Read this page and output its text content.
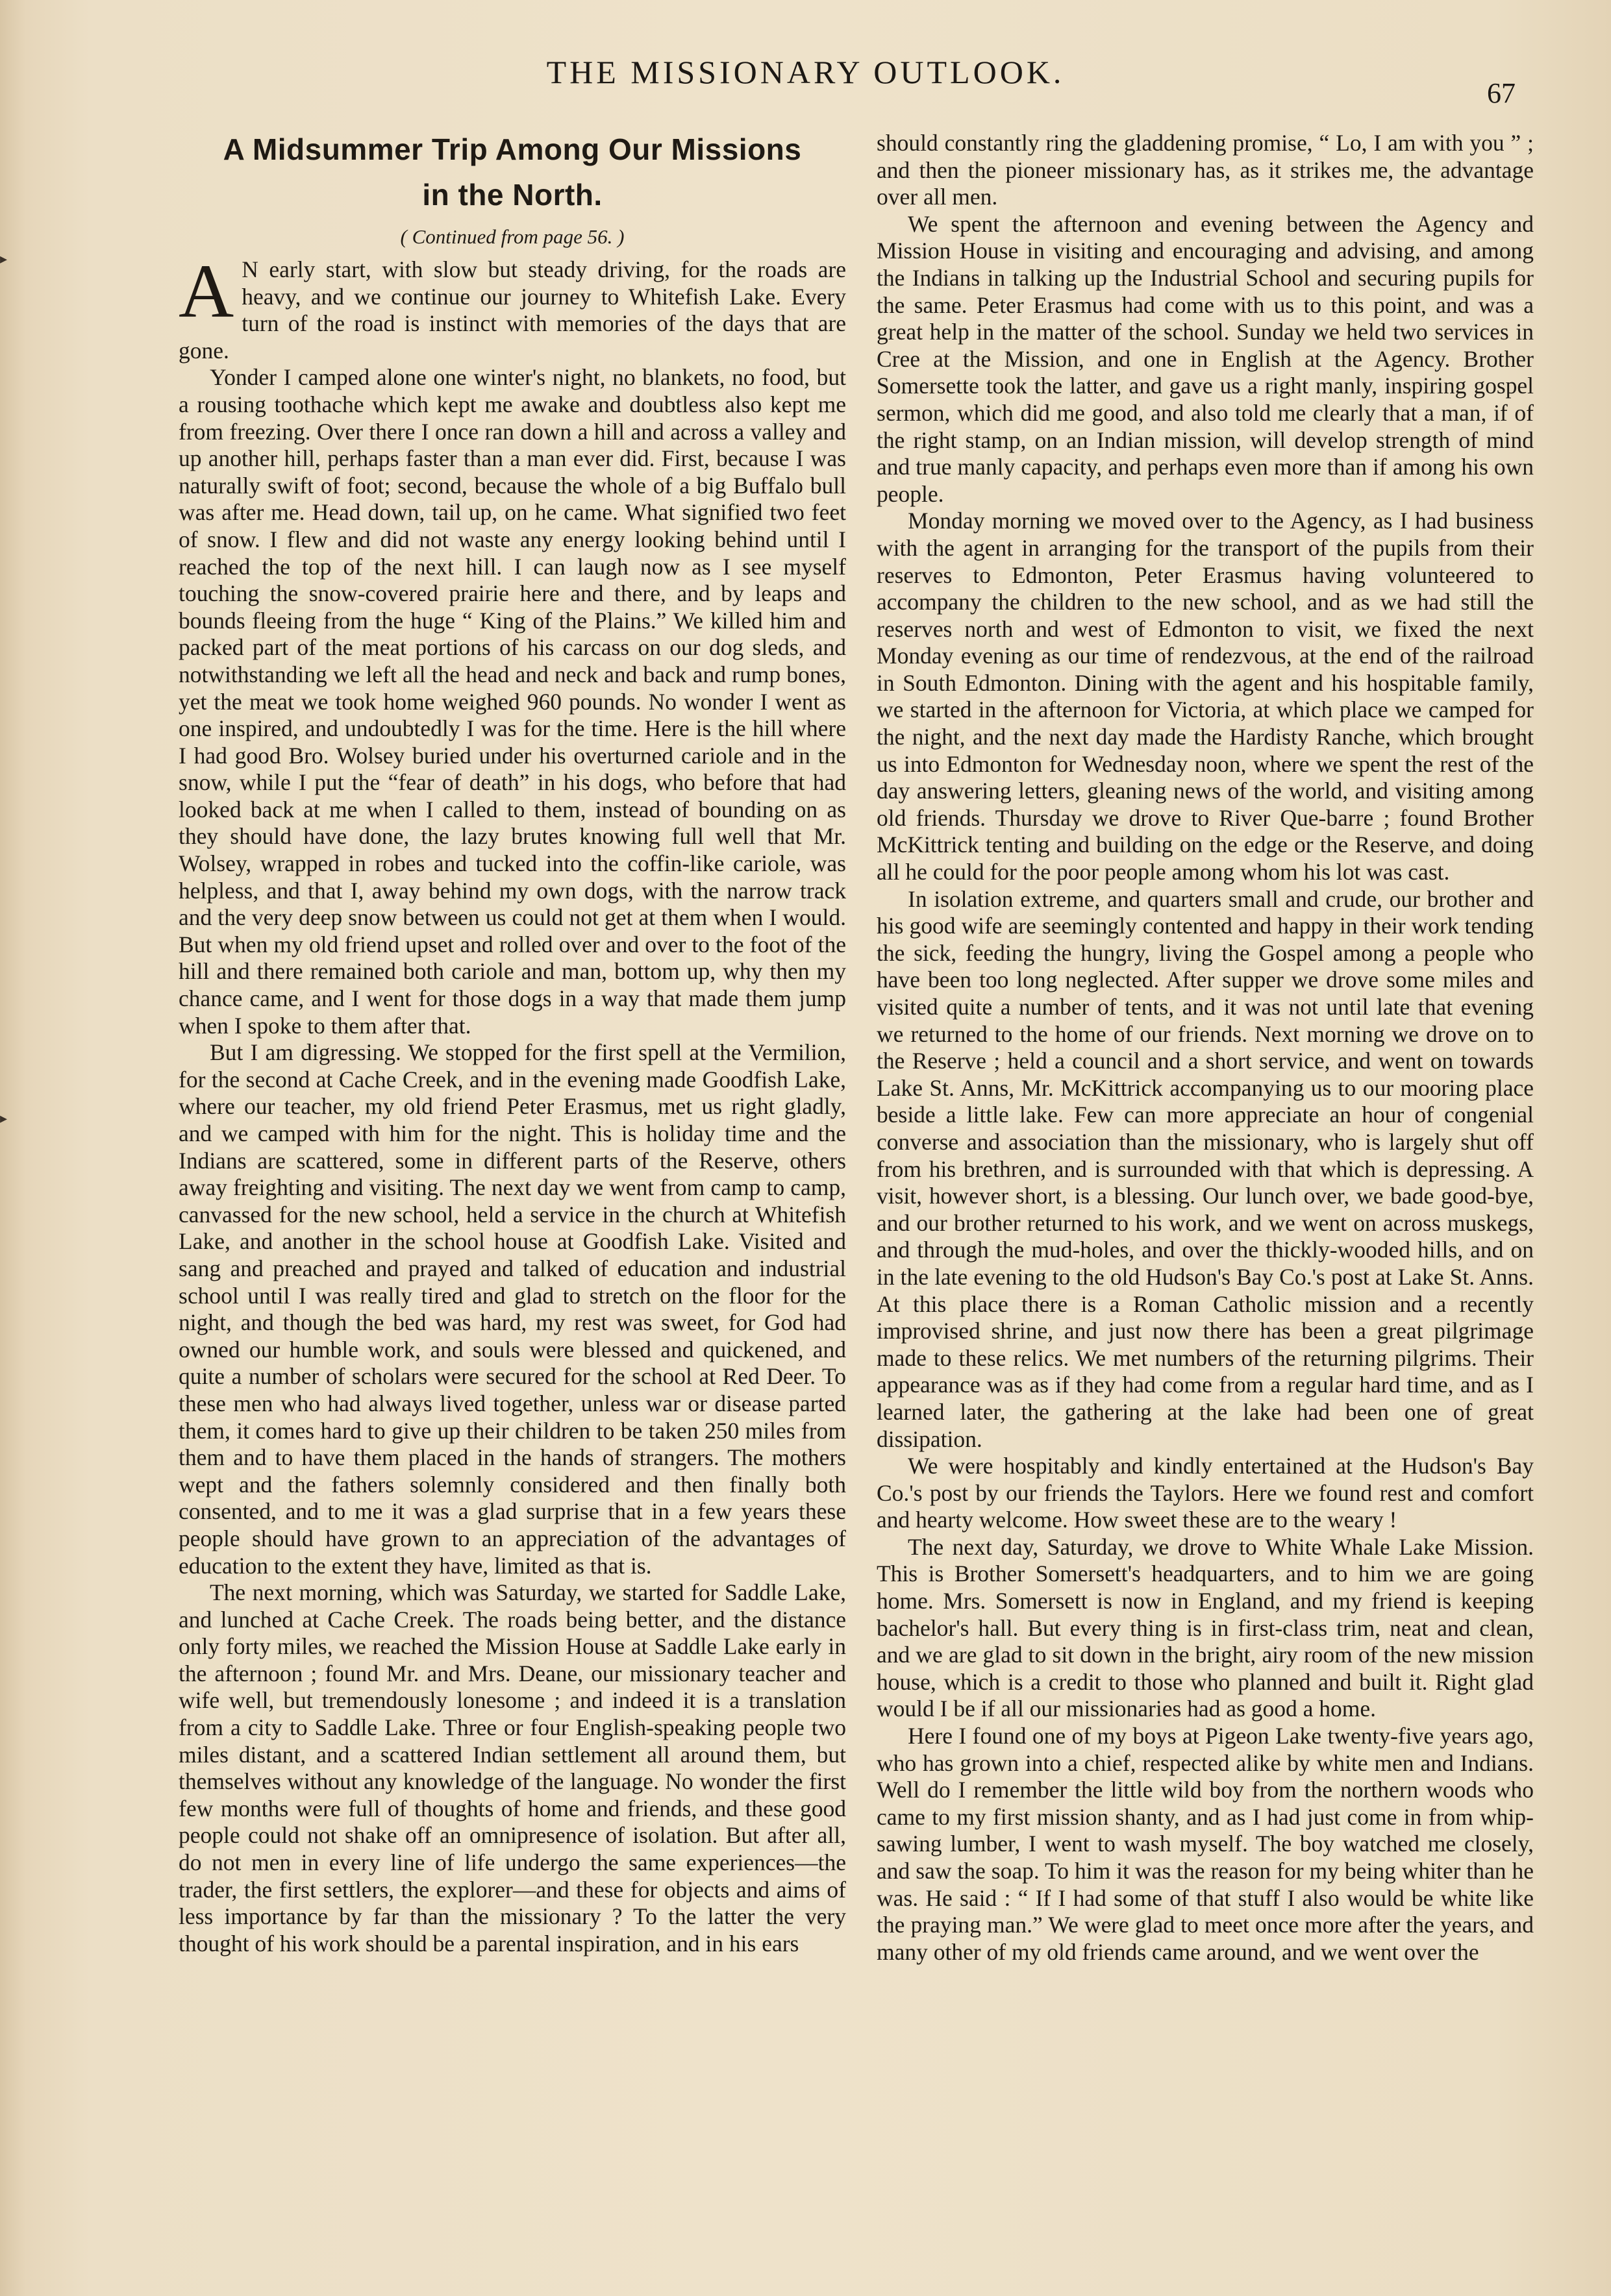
▸
▸
THE MISSIONARY OUTLOOK.
67
A Midsummer Trip Among Our Missions
in the North.
( Continued from page 56. )

A N early start, with slow but steady driving, for the roads are heavy, and we continue our journey to Whitefish Lake. Every turn of the road is instinct with memories of the days that are gone.

Yonder I camped alone one winter's night, no blankets, no food, but a rousing toothache which kept me awake and doubtless also kept me from freezing. Over there I once ran down a hill and across a valley and up another hill, perhaps faster than a man ever did. First, because I was naturally swift of foot; second, because the whole of a big Buffalo bull was after me. Head down, tail up, on he came. What signified two feet of snow. I flew and did not waste any energy looking behind until I reached the top of the next hill. I can laugh now as I see myself touching the snow-covered prairie here and there, and by leaps and bounds fleeing from the huge “ King of the Plains.” We killed him and packed part of the meat portions of his carcass on our dog sleds, and notwithstanding we left all the head and neck and back and rump bones, yet the meat we took home weighed 960 pounds. No wonder I went as one inspired, and undoubtedly I was for the time. Here is the hill where I had good Bro. Wolsey buried under his overturned cariole and in the snow, while I put the “fear of death” in his dogs, who before that had looked back at me when I called to them, instead of bounding on as they should have done, the lazy brutes knowing full well that Mr. Wolsey, wrapped in robes and tucked into the coffin-like cariole, was helpless, and that I, away behind my own dogs, with the narrow track and the very deep snow between us could not get at them when I would. But when my old friend upset and rolled over and over to the foot of the hill and there remained both cariole and man, bottom up, why then my chance came, and I went for those dogs in a way that made them jump when I spoke to them after that.

But I am digressing. We stopped for the first spell at the Vermilion, for the second at Cache Creek, and in the evening made Goodfish Lake, where our teacher, my old friend Peter Erasmus, met us right gladly, and we camped with him for the night. This is holiday time and the Indians are scattered, some in different parts of the Reserve, others away freighting and visiting. The next day we went from camp to camp, canvassed for the new school, held a service in the church at Whitefish Lake, and another in the school house at Goodfish Lake. Visited and sang and preached and prayed and talked of education and industrial school until I was really tired and glad to stretch on the floor for the night, and though the bed was hard, my rest was sweet, for God had owned our humble work, and souls were blessed and quickened, and quite a number of scholars were secured for the school at Red Deer. To these men who had always lived together, unless war or disease parted them, it comes hard to give up their children to be taken 250 miles from them and to have them placed in the hands of strangers. The mothers wept and the fathers solemnly considered and then finally both consented, and to me it was a glad surprise that in a few years these people should have grown to an appreciation of the advantages of education to the extent they have, limited as that is.

The next morning, which was Saturday, we started for Saddle Lake, and lunched at Cache Creek. The roads being better, and the distance only forty miles, we reached the Mission House at Saddle Lake early in the afternoon ; found Mr. and Mrs. Deane, our missionary teacher and wife well, but tremendously lonesome ; and indeed it is a translation from a city to Saddle Lake. Three or four English-speaking people two miles distant, and a scattered Indian settlement all around them, but themselves without any knowledge of the language. No wonder the first few months were full of thoughts of home and friends, and these good people could not shake off an omnipresence of isolation. But after all, do not men in every line of life undergo the same experiences—the trader, the first settlers, the explorer—and these for objects and aims of less importance by far than the missionary ? To the latter the very thought of his work should be a parental inspiration, and in his ears

should constantly ring the gladdening promise, “ Lo, I am with you ” ; and then the pioneer missionary has, as it strikes me, the advantage over all men.

We spent the afternoon and evening between the Agency and Mission House in visiting and encouraging and advising, and among the Indians in talking up the Industrial School and securing pupils for the same. Peter Erasmus had come with us to this point, and was a great help in the matter of the school. Sunday we held two services in Cree at the Mission, and one in English at the Agency. Brother Somersette took the latter, and gave us a right manly, inspiring gospel sermon, which did me good, and also told me clearly that a man, if of the right stamp, on an Indian mission, will develop strength of mind and true manly capacity, and perhaps even more than if among his own people.

Monday morning we moved over to the Agency, as I had business with the agent in arranging for the transport of the pupils from their reserves to Edmonton, Peter Erasmus having volunteered to accompany the children to the new school, and as we had still the reserves north and west of Edmonton to visit, we fixed the next Monday evening as our time of rendezvous, at the end of the railroad in South Edmonton. Dining with the agent and his hospitable family, we started in the afternoon for Victoria, at which place we camped for the night, and the next day made the Hardisty Ranche, which brought us into Edmonton for Wednesday noon, where we spent the rest of the day answering letters, gleaning news of the world, and visiting among old friends. Thursday we drove to River Que-barre ; found Brother McKittrick tenting and building on the edge or the Reserve, and doing all he could for the poor people among whom his lot was cast.

In isolation extreme, and quarters small and crude, our brother and his good wife are seemingly contented and happy in their work tending the sick, feeding the hungry, living the Gospel among a people who have been too long neglected. After supper we drove some miles and visited quite a number of tents, and it was not until late that evening we returned to the home of our friends. Next morning we drove on to the Reserve ; held a council and a short service, and went on towards Lake St. Anns, Mr. McKittrick accompanying us to our mooring place beside a little lake. Few can more appreciate an hour of congenial converse and association than the missionary, who is largely shut off from his brethren, and is surrounded with that which is depressing. A visit, however short, is a blessing. Our lunch over, we bade good-bye, and our brother returned to his work, and we went on across muskegs, and through the mud-holes, and over the thickly-wooded hills, and on in the late evening to the old Hudson's Bay Co.'s post at Lake St. Anns. At this place there is a Roman Catholic mission and a recently improvised shrine, and just now there has been a great pilgrimage made to these relics. We met numbers of the returning pilgrims. Their appearance was as if they had come from a regular hard time, and as I learned later, the gathering at the lake had been one of great dissipation.

We were hospitably and kindly entertained at the Hudson's Bay Co.'s post by our friends the Taylors. Here we found rest and comfort and hearty welcome. How sweet these are to the weary !

The next day, Saturday, we drove to White Whale Lake Mission. This is Brother Somersett's headquarters, and to him we are going home. Mrs. Somersett is now in England, and my friend is keeping bachelor's hall. But every thing is in first-class trim, neat and clean, and we are glad to sit down in the bright, airy room of the new mission house, which is a credit to those who planned and built it. Right glad would I be if all our missionaries had as good a home.

Here I found one of my boys at Pigeon Lake twenty-five years ago, who has grown into a chief, respected alike by white men and Indians. Well do I remember the little wild boy from the northern woods who came to my first mission shanty, and as I had just come in from whip-sawing lumber, I went to wash myself. The boy watched me closely, and saw the soap. To him it was the reason for my being whiter than he was. He said : “ If I had some of that stuff I also would be white like the praying man.” We were glad to meet once more after the years, and many other of my old friends came around, and we went over the
